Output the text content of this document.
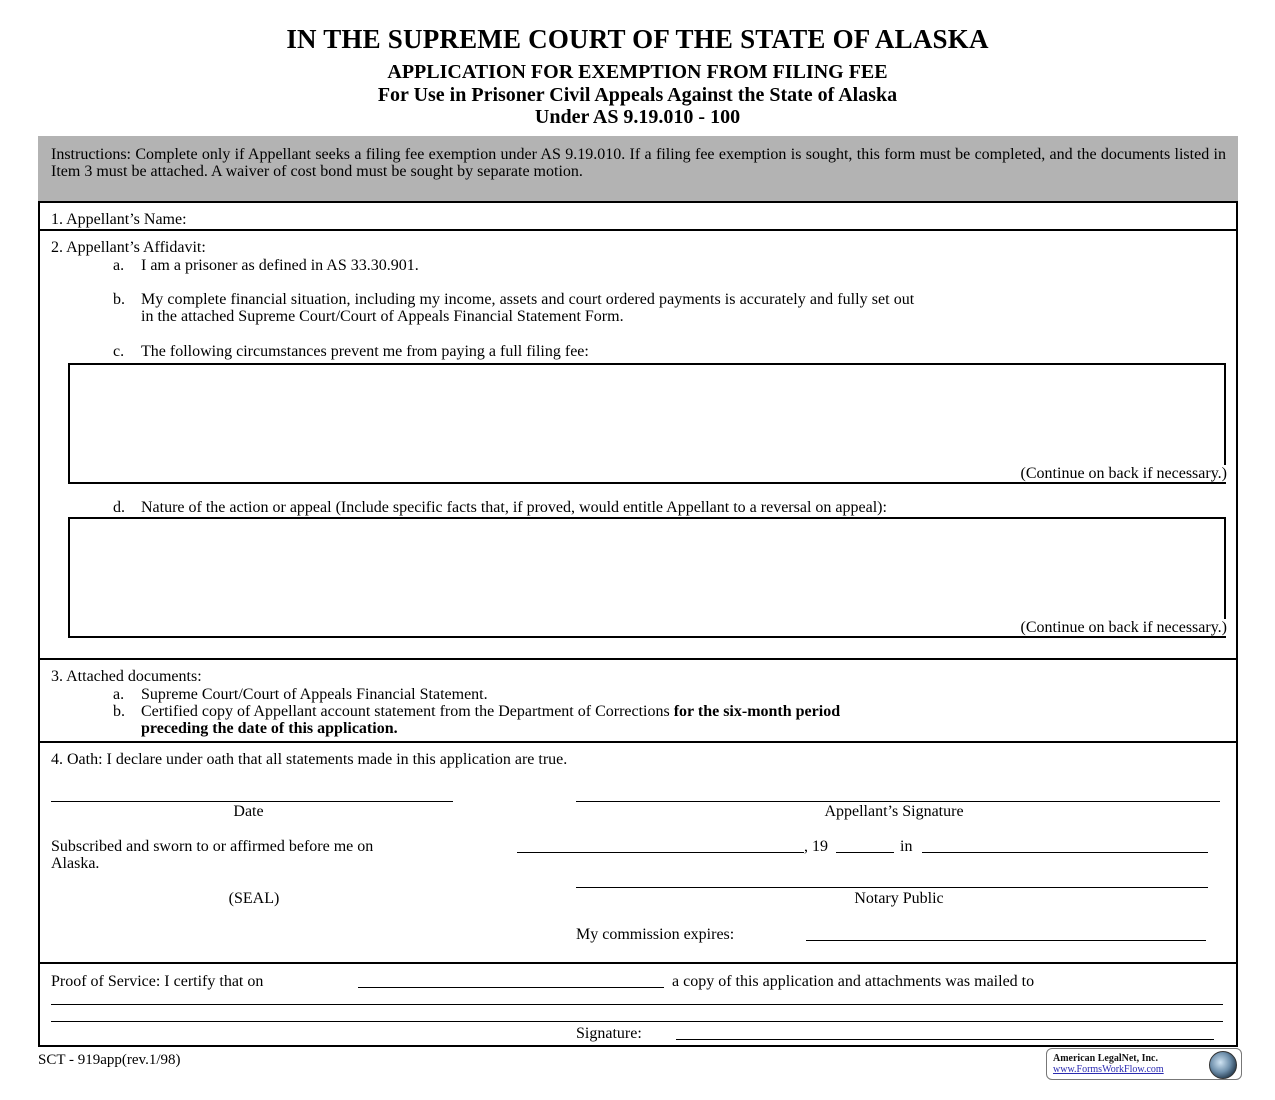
IN THE SUPREME COURT OF THE STATE OF ALASKA
APPLICATION FOR EXEMPTION FROM FILING FEE
For Use in Prisoner Civil Appeals Against the State of Alaska
Under AS 9.19.010 - 100
Instructions: Complete only if Appellant seeks a filing fee exemption under AS 9.19.010. If a filing fee exemption is sought, this form must be completed, and the documents listed in Item 3 must be attached. A waiver of cost bond must be sought by separate motion.
1. Appellant’s Name:
2. Appellant’s Affidavit:
a. I am a prisoner as defined in AS 33.30.901.
b. My complete financial situation, including my income, assets and court ordered payments is accurately and fully set out
in the attached Supreme Court/Court of Appeals Financial Statement Form.
c. The following circumstances prevent me from paying a full filing fee:
(Continue on back if necessary.)
d. Nature of the action or appeal (Include specific facts that, if proved, would entitle Appellant to a reversal on appeal):
(Continue on back if necessary.)
3. Attached documents:
a. Supreme Court/Court of Appeals Financial Statement.
b. Certified copy of Appellant account statement from the Department of Corrections for the six-month period
preceding the date of this application.
4. Oath: I declare under oath that all statements made in this application are true.
Date	Appellant’s Signature
Subscribed and sworn to or affirmed before me on	, 19	in
Alaska.
(SEAL)	Notary Public
My commission expires:
Proof of Service: I certify that on	a copy of this application and attachments was mailed to
Signature:
SCT - 919app(rev.1/98)	American LegalNet, Inc.
www.FormsWorkFlow.com
